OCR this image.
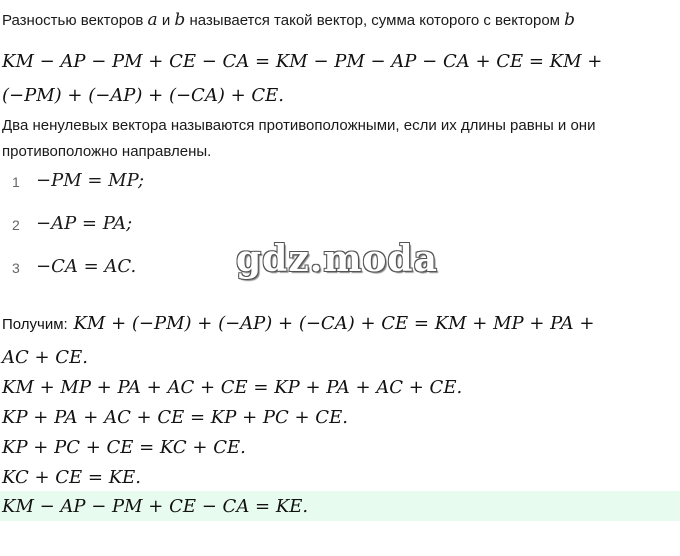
Разностью векторов a и b называется такой вектор, сумма которого с вектором b
KM − AP − PM + CE − CA = KM − PM − AP − CA + CE = KM +
(−PM) + (−AP) + (−CA) + CE.
Два ненулевых вектора называются противоположными, если их длины равны и они
противоположно направлены.
1 −PM = MP;
2 −AP = PA;
3 −CA = AC.	gdz.moda
Получим: KM + (−PM) + (−AP) + (−CA) + CE = KM + MP + PA +
AC + CE.
KM + MP + PA + AC + CE = KP + PA + AC + CE.
KP + PA + AC + CE = KP + PC + CE.
KP + PC + CE = KC + CE.
KC + CE = KE.
KM − AP − PM + CE − CA = KE.
